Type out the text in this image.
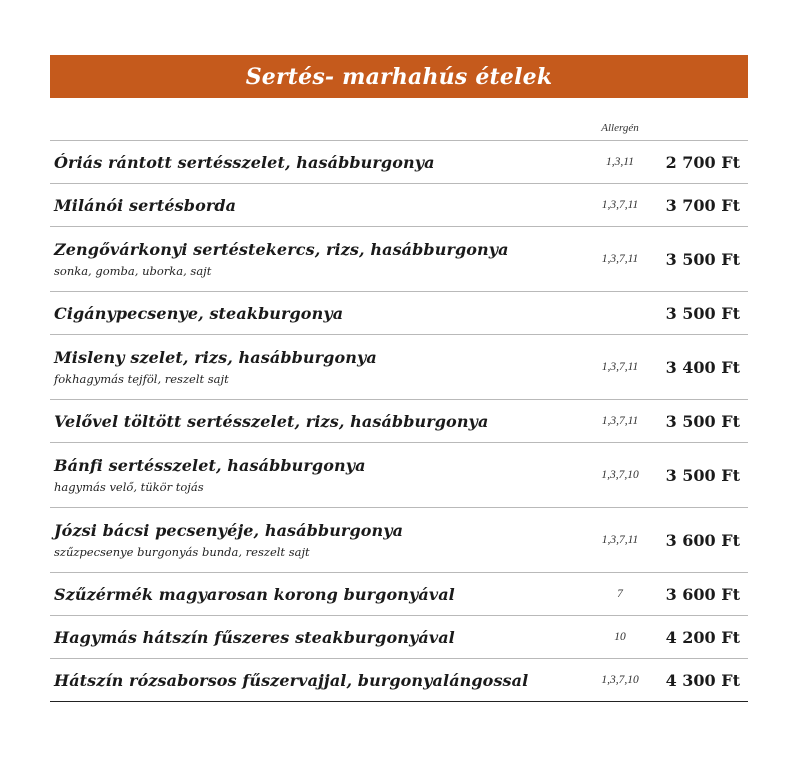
Sertés- marhahús ételek
Allergén
Óriás rántott sertésszelet, hasábburgonya	1,3,11	2 700 Ft
Milánói sertésborda	1,3,7,11	3 700 Ft
Zengővárkonyi sertéstekercs, rizs, hasábburgonya
sonka, gomba, uborka, sajt
1,3,7,11	3 500 Ft
Cigánypecsenye, steakburgonya	3 500 Ft
Misleny szelet, rizs, hasábburgonya
fokhagymás tejföl, reszelt sajt
1,3,7,11	3 400 Ft
Velővel töltött sertésszelet, rizs, hasábburgonya	1,3,7,11	3 500 Ft
Bánfi sertésszelet, hasábburgonya
hagymás velő, tükör tojás
1,3,7,10	3 500 Ft
Józsi bácsi pecsenyéje, hasábburgonya
szűzpecsenye burgonyás bunda, reszelt sajt
1,3,7,11	3 600 Ft
Szűzérmék magyarosan korong burgonyával	7	3 600 Ft
Hagymás hátszín fűszeres steakburgonyával	10	4 200 Ft
Hátszín rózsaborsos fűszervajjal, burgonyalángossal	1,3,7,10	4 300 Ft
